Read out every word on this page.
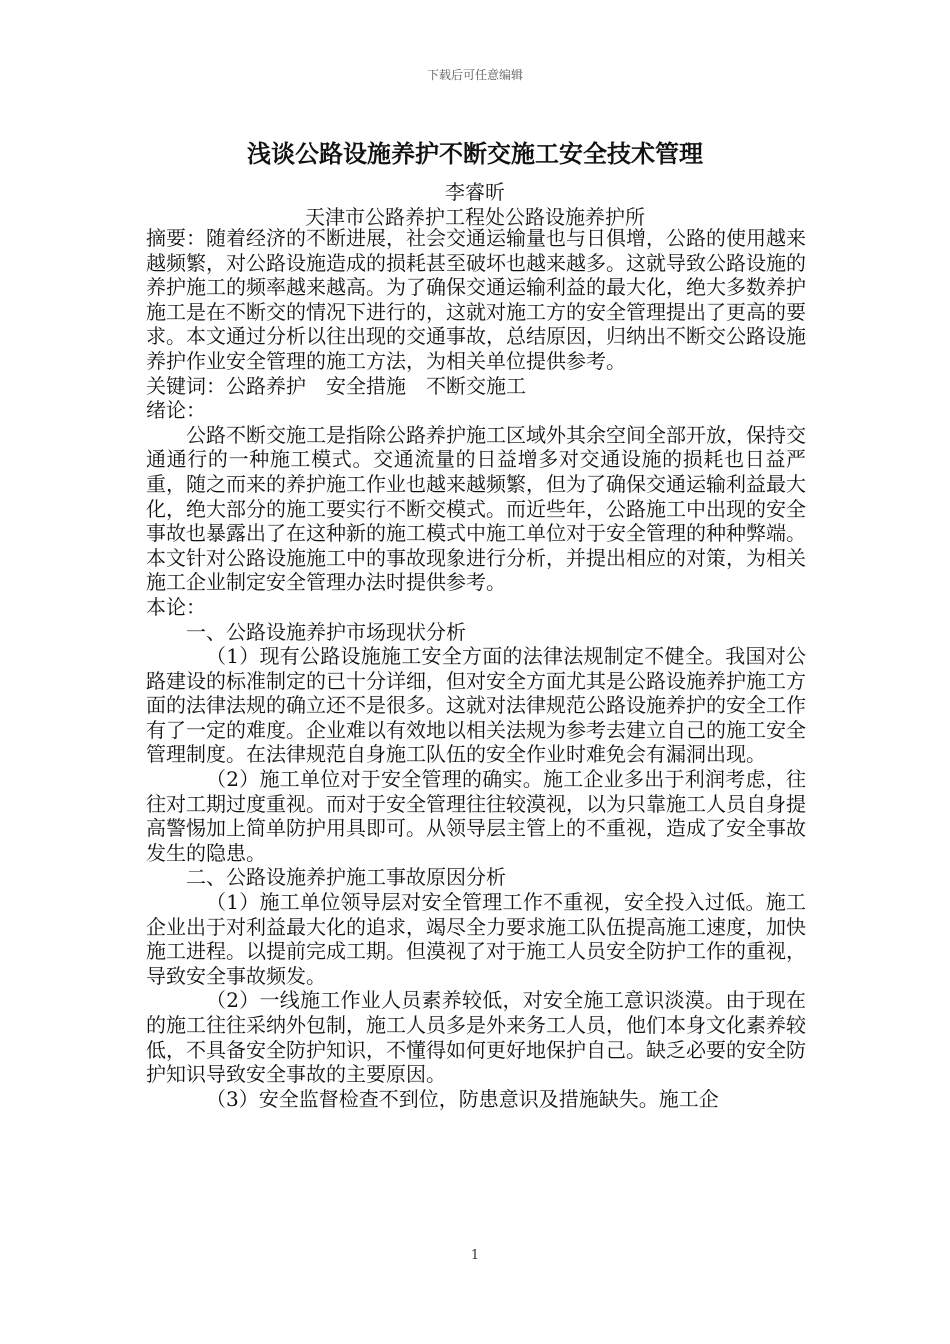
下载后可任意编辑
浅谈公路设施养护不断交施工安全技术管理
李睿昕
天津市公路养护工程处公路设施养护所

摘要：随着经济的不断进展，社会交通运输量也与日俱增，公路的使用越来越频繁，对公路设施造成的损耗甚至破坏也越来越多。这就导致公路设施的养护施工的频率越来越高。为了确保交通运输利益的最大化，绝大多数养护施工是在不断交的情况下进行的，这就对施工方的安全管理提出了更高的要求。本文通过分析以往出现的交通事故，总结原因，归纳出不断交公路设施养护作业安全管理的施工方法，为相关单位提供参考。

关键词：公路养护　安全措施　不断交施工

绪论：

公路不断交施工是指除公路养护施工区域外其余空间全部开放，保持交通通行的一种施工模式。交通流量的日益增多对交通设施的损耗也日益严重，随之而来的养护施工作业也越来越频繁，但为了确保交通运输利益最大化，绝大部分的施工要实行不断交模式。而近些年，公路施工中出现的安全事故也暴露出了在这种新的施工模式中施工单位对于安全管理的种种弊端。本文针对公路设施施工中的事故现象进行分析，并提出相应的对策，为相关施工企业制定安全管理办法时提供参考。

本论：

一、公路设施养护市场现状分析

（1）现有公路设施施工安全方面的法律法规制定不健全。我国对公路建设的标准制定的已十分详细，但对安全方面尤其是公路设施养护施工方面的法律法规的确立还不是很多。这就对法律规范公路设施养护的安全工作有了一定的难度。企业难以有效地以相关法规为参考去建立自己的施工安全管理制度。在法律规范自身施工队伍的安全作业时难免会有漏洞出现。

（2）施工单位对于安全管理的确实。施工企业多出于利润考虑，往往对工期过度重视。而对于安全管理往往较漠视，以为只靠施工人员自身提高警惕加上简单防护用具即可。从领导层主管上的不重视，造成了安全事故发生的隐患。

二、公路设施养护施工事故原因分析

（1）施工单位领导层对安全管理工作不重视，安全投入过低。施工企业出于对利益最大化的追求，竭尽全力要求施工队伍提高施工速度，加快施工进程。以提前完成工期。但漠视了对于施工人员安全防护工作的重视，导致安全事故频发。

（2）一线施工作业人员素养较低，对安全施工意识淡漠。由于现在的施工往往采纳外包制，施工人员多是外来务工人员，他们本身文化素养较低，不具备安全防护知识，不懂得如何更好地保护自己。缺乏必要的安全防护知识导致安全事故的主要原因。

（3）安全监督检查不到位，防患意识及措施缺失。施工企

1
